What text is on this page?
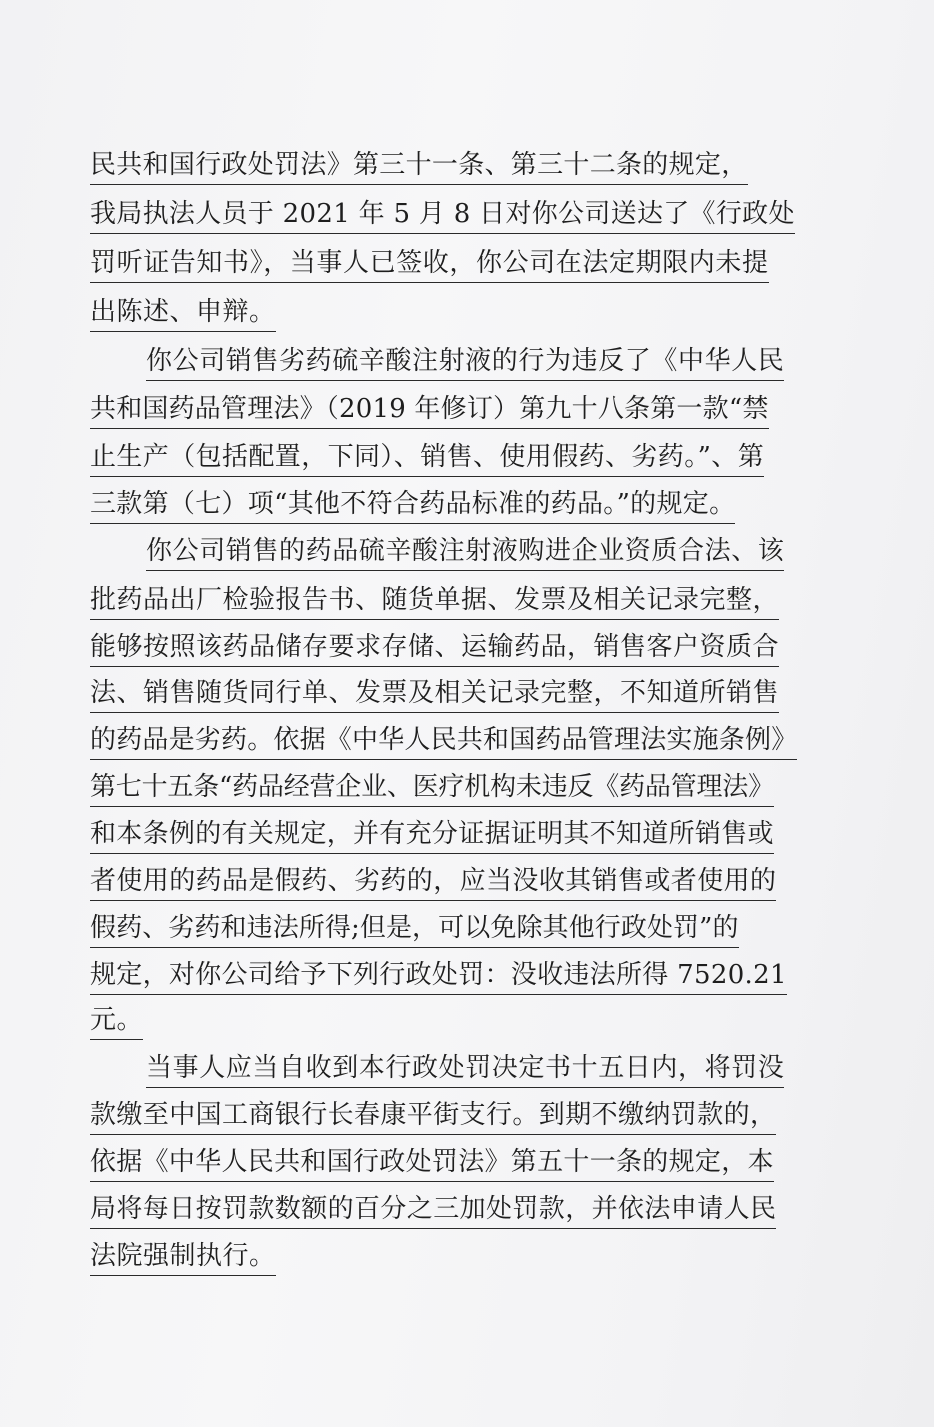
民共和国行政处罚法》第三十一条、第三十二条的规定，
我局执法人员于 2021 年 5 月 8 日对你公司送达了《行政处
罚听证告知书》，当事人已签收，你公司在法定期限内未提
出陈述、申辩。
你公司销售劣药硫辛酸注射液的行为违反了《中华人民
共和国药品管理法》（2019 年修订）第九十八条第一款“禁
止生产（包括配置，下同）、销售、使用假药、劣药。”、第
三款第（七）项“其他不符合药品标准的药品。”的规定。
你公司销售的药品硫辛酸注射液购进企业资质合法、该
批药品出厂检验报告书、随货单据、发票及相关记录完整，
能够按照该药品储存要求存储、运输药品，销售客户资质合
法、销售随货同行单、发票及相关记录完整，不知道所销售
的药品是劣药。依据《中华人民共和国药品管理法实施条例》
第七十五条“药品经营企业、医疗机构未违反《药品管理法》
和本条例的有关规定，并有充分证据证明其不知道所销售或
者使用的药品是假药、劣药的，应当没收其销售或者使用的
假药、劣药和违法所得;但是，可以免除其他行政处罚”的
规定，对你公司给予下列行政处罚：没收违法所得 7520.21
元。
当事人应当自收到本行政处罚决定书十五日内，将罚没
款缴至中国工商银行长春康平街支行。到期不缴纳罚款的，
依据《中华人民共和国行政处罚法》第五十一条的规定，本
局将每日按罚款数额的百分之三加处罚款，并依法申请人民
法院强制执行。
